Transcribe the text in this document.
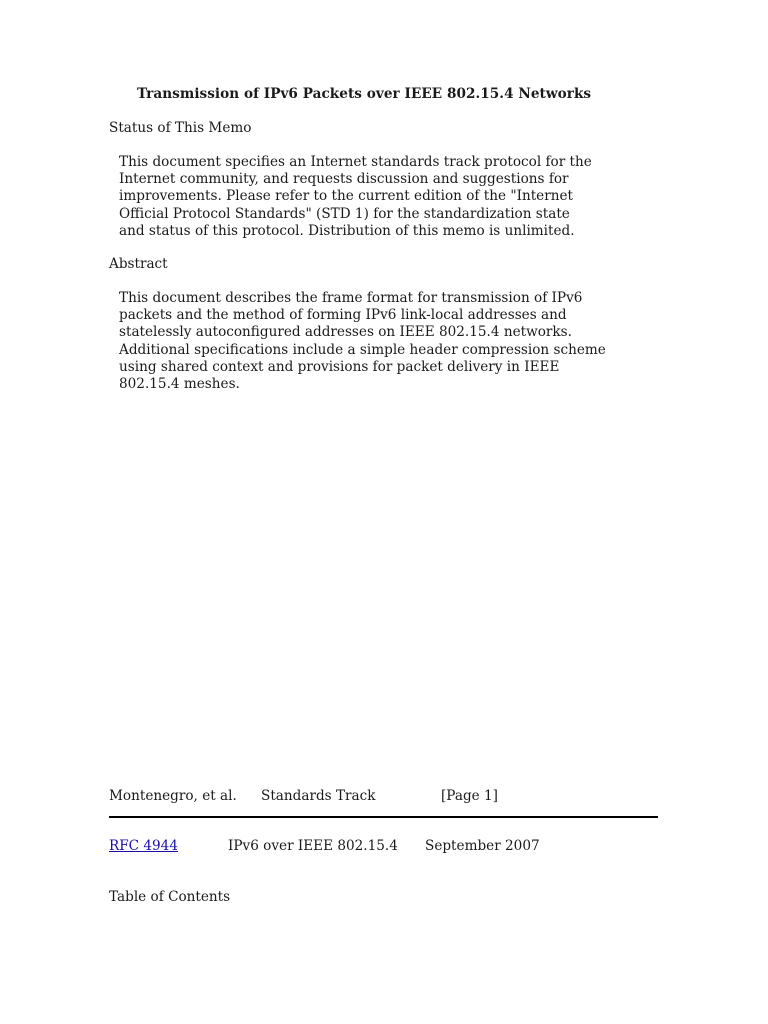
Transmission of IPv6 Packets over IEEE 802.15.4 Networks
Status of This Memo
This document specifies an Internet standards track protocol for the
Internet community, and requests discussion and suggestions for
improvements. Please refer to the current edition of the "Internet
Official Protocol Standards" (STD 1) for the standardization state
and status of this protocol. Distribution of this memo is unlimited.
Abstract
This document describes the frame format for transmission of IPv6
packets and the method of forming IPv6 link-local addresses and
statelessly autoconfigured addresses on IEEE 802.15.4 networks.
Additional specifications include a simple header compression scheme
using shared context and provisions for packet delivery in IEEE
802.15.4 meshes.
Montenegro, et al. Standards Track	[Page 1]
RFC 4944	IPv6 over IEEE 802.15.4 September 2007
Table of Contents
